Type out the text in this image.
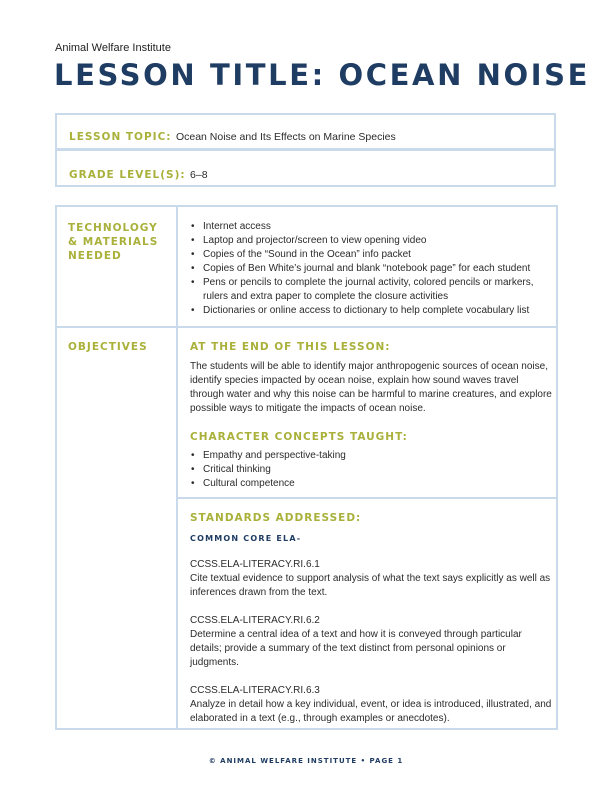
Animal Welfare Institute
LESSON TITLE: OCEAN NOISE
LESSON TOPIC: Ocean Noise and Its Effects on Marine Species
GRADE LEVEL(S): 6–8
TECHNOLOGY
& MATERIALS
NEEDED
• Internet access
• Laptop and projector/screen to view opening video
• Copies of the “Sound in the Ocean” info packet
• Copies of Ben White’s journal and blank “notebook page” for each student
• Pens or pencils to complete the journal activity, colored pencils or markers, rulers and extra paper to complete the closure activities
• Dictionaries or online access to dictionary to help complete vocabulary list
OBJECTIVES	AT THE END OF THIS LESSON:

The students will be able to identify major anthropogenic sources of ocean noise, identify species impacted by ocean noise, explain how sound waves travel through water and why this noise can be harmful to marine creatures, and explore possible ways to mitigate the impacts of ocean noise.

CHARACTER CONCEPTS TAUGHT:
• Empathy and perspective-taking
• Critical thinking
• Cultural competence
STANDARDS ADDRESSED:
COMMON CORE ELA-
CCSS.ELA-LITERACY.RI.6.1
Cite textual evidence to support analysis of what the text says explicitly as well as inferences drawn from the text.
CCSS.ELA-LITERACY.RI.6.2
Determine a central idea of a text and how it is conveyed through particular details; provide a summary of the text distinct from personal opinions or judgments.
CCSS.ELA-LITERACY.RI.6.3
Analyze in detail how a key individual, event, or idea is introduced, illustrated, and elaborated in a text (e.g., through examples or anecdotes).
© ANIMAL WELFARE INSTITUTE • PAGE 1
